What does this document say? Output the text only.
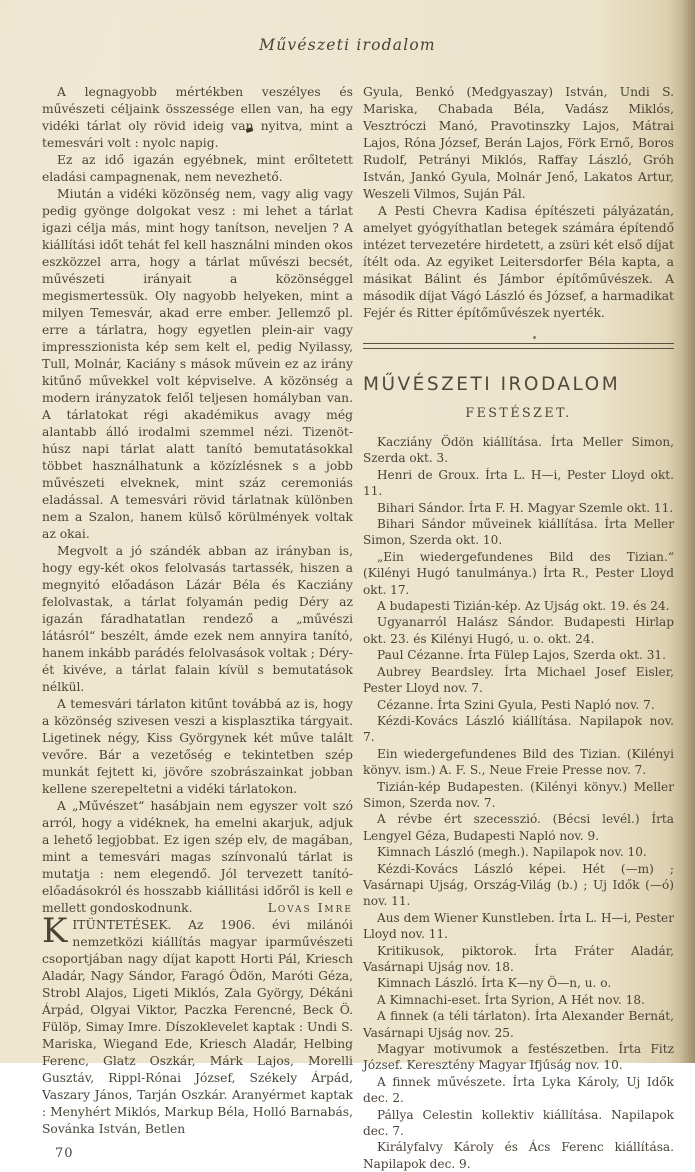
Művészeti irodalom

A legnagyobb mértékben veszélyes és művészeti céljaink összessége ellen van, ha egy vidéki tárlat oly rövid ideig van nyitva, mint a temesvári volt : nyolc napig.

Ez az idő igazán egyébnek, mint erőltetett eladási campagnenak, nem nevezhető.

Miután a vidéki közönség nem, vagy alig vagy pedig gyönge dolgokat vesz : mi lehet a tárlat igazi célja más, mint hogy tanítson, neveljen ? A kiállítási időt tehát fel kell használni minden okos eszközzel arra, hogy a tárlat művészi becsét, művészeti irányait a közönséggel megismertessük. Oly nagyobb helyeken, mint a milyen Temesvár, akad erre ember. Jellemző pl. erre a tárlatra, hogy egyetlen plein-air vagy impresszionista kép sem kelt el, pedig Nyilassy, Tull, Molnár, Kaciány s mások művein ez az irány kitűnő művekkel volt képviselve. A közönség a modern irányzatok felől teljesen homályban van. A tárlatokat régi akadémikus avagy még alantabb álló irodalmi szemmel nézi. Tizenöt-húsz napi tárlat alatt tanító bemutatásokkal többet használhatunk a közízlésnek s a jobb művészeti elveknek, mint száz ceremoniás eladással. A temesvári rövid tárlatnak különben nem a Szalon, hanem külső körülmények voltak az okai.

Megvolt a jó szándék abban az irányban is, hogy egy-két okos felolvasás tartassék, hiszen a megnyitó előadáson Lázár Béla és Kacziány felolvastak, a tárlat folyamán pedig Déry az igazán fáradhatatlan rendező a „művészi látásról“ beszélt, ámde ezek nem annyira tanító, hanem inkább parádés felolvasások voltak ; Déry-ét kivéve, a tárlat falain kívül s bemutatások nélkül.

A temesvári tárlaton kitűnt továbbá az is, hogy a közönség szivesen veszi a kisplasztika tárgyait. Ligetinek négy, Kiss Györgynek két műve talált vevőre. Bár a vezetőség e tekintetben szép munkát fejtett ki, jövőre szobrászainkat jobban kellene szerepeltetni a vidéki tárlatokon.

A „Művészet“ hasábjain nem egyszer volt szó arról, hogy a vidéknek, ha emelni akarjuk, adjuk a lehető legjobbat. Ez igen szép elv, de magában, mint a temesvári magas színvonalú tárlat is mutatja : nem elegendő. Jól tervezett tanító-előadásokról és hosszabb kiállitási időről is kell e mellett gondoskodnunk.	Lovas Imre

KITÜNTETÉSEK. Az 1906. évi milánói nemzetközi kiállítás magyar iparművészeti csoportjában nagy díjat kapott Horti Pál, Kriesch Aladár, Nagy Sándor, Faragó Ödön, Maróti Géza, Strobl Alajos, Ligeti Miklós, Zala György, Dékáni Árpád, Olgyai Viktor, Paczka Ferencné, Beck Ö. Fülöp, Simay Imre. Díszoklevelet kaptak : Undi S. Mariska, Wiegand Ede, Kriesch Aladár, Helbing Ferenc, Glatz Oszkár, Márk Lajos, Morelli Gusztáv, Rippl-Rónai József, Székely Árpád, Vaszary János, Tarján Oszkár. Aranyérmet kaptak : Menyhért Miklós, Markup Béla, Holló Barnabás, Sovánka István, Betlen

70

Gyula, Benkó (Medgyaszay) István, Undi S. Mariska, Chabada Béla, Vadász Miklós, Vesztróczi Manó, Pravotinszky Lajos, Mátrai Lajos, Róna József, Berán Lajos, Förk Ernő, Boros Rudolf, Petrányi Miklós, Raffay László, Gróh István, Jankó Gyula, Molnár Jenő, Lakatos Artur, Weszeli Vilmos, Suján Pál.

A Pesti Chevra Kadisa építészeti pályázatán, amelyet gyógyíthatlan betegek számára építendő intézet tervezetére hirdetett, a zsüri két első díjat ítélt oda. Az egyiket Leitersdorfer Béla kapta, a másikat Bálint és Jámbor építőművészek. A második díjat Vágó László és József, a harmadikat Fejér és Ritter építőművészek nyerték.

MŰVÉSZETI IRODALOM
FESTÉSZET.

Kacziány Ödön kiállítása. Írta Meller Simon, Szerda okt. 3.

Henri de Groux. Írta L. H—i, Pester Lloyd okt. 11.

Bihari Sándor. Írta F. H. Magyar Szemle okt. 11.

Bihari Sándor műveinek kiállítása. Írta Meller Simon, Szerda okt. 10.

„Ein wiedergefundenes Bild des Tizian.“ (Kilényi Hugó tanulmánya.) Írta R., Pester Lloyd okt. 17.

A budapesti Tizián-kép. Az Ujság okt. 19. és 24.

Ugyanarról Halász Sándor. Budapesti Hirlap okt. 23. és Kilényi Hugó, u. o. okt. 24.

Paul Cézanne. Írta Fülep Lajos, Szerda okt. 31.

Aubrey Beardsley. Írta Michael Josef Eisler, Pester Lloyd nov. 7.

Cézanne. Írta Szini Gyula, Pesti Napló nov. 7.

Kézdi-Kovács László kiállítása. Napilapok nov. 7.

Ein wiedergefundenes Bild des Tizian. (Kilényi könyv. ism.) A. F. S., Neue Freie Presse nov. 7.

Tizián-kép Budapesten. (Kilényi könyv.) Meller Simon, Szerda nov. 7.

A révbe ért szecesszió. (Bécsi levél.) Írta Lengyel Géza, Budapesti Napló nov. 9.

Kimnach László (megh.). Napilapok nov. 10.

Kézdi-Kovács László képei. Hét (—m) ; Vasárnapi Ujság, Ország-Világ (b.) ; Uj Idők (—ó) nov. 11.

Aus dem Wiener Kunstleben. Írta L. H—i, Pester Lloyd nov. 11.

Kritikusok, piktorok. Írta Fráter Aladár, Vasárnapi Ujság nov. 18.

Kimnach László. Írta K—ny Ö—n, u. o.

A Kimnachi-eset. Írta Syrion, A Hét nov. 18.

A finnek (a téli tárlaton). Írta Alexander Bernát, Vasárnapi Ujság nov. 25.

Magyar motivumok a festészetben. Írta Fitz József. Keresztény Magyar Ifjúság nov. 10.

A finnek művészete. Írta Lyka Károly, Uj Idők dec. 2.

Pállya Celestin kollektiv kiállítása. Napilapok dec. 7.

Királyfalvy Károly és Ács Ferenc kiállítása. Napilapok dec. 9.
